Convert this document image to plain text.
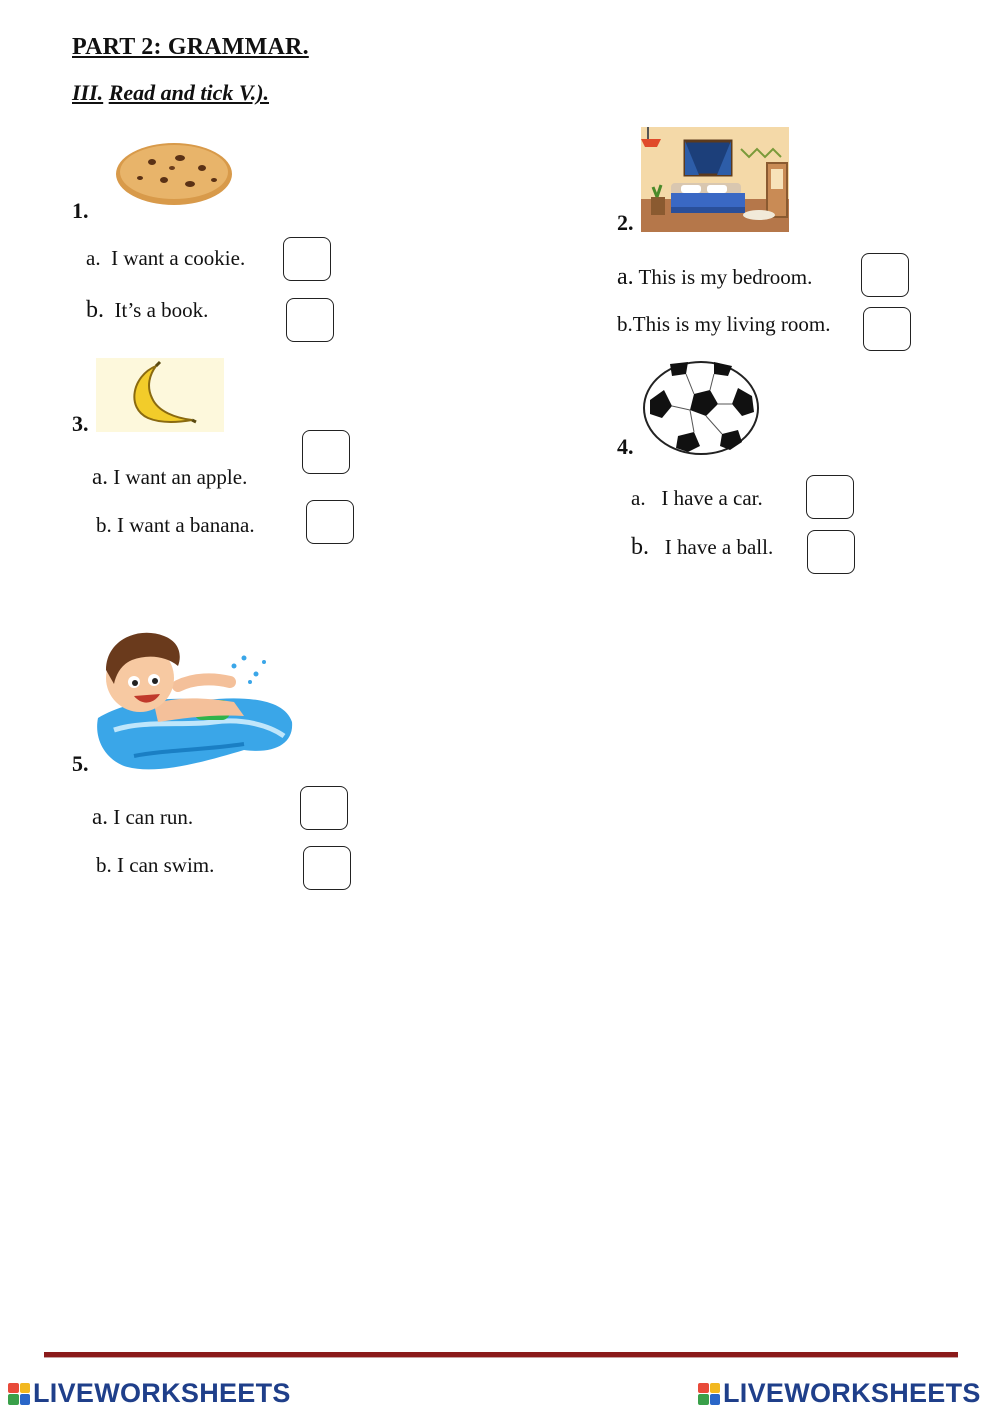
PART 2: GRAMMAR.
III. Read and tick V.).
1.
a. I want a cookie.
b. It’s a book.
2.
a. This is my bedroom.
b.This is my living room.
3.
a. I want an apple.
b. I want a banana.
4.
a. I have a car.
b. I have a ball.
5.
a. I can run.
b. I can swim.
LIVEWORKSHEETS	LIVEWORKSHEETS
